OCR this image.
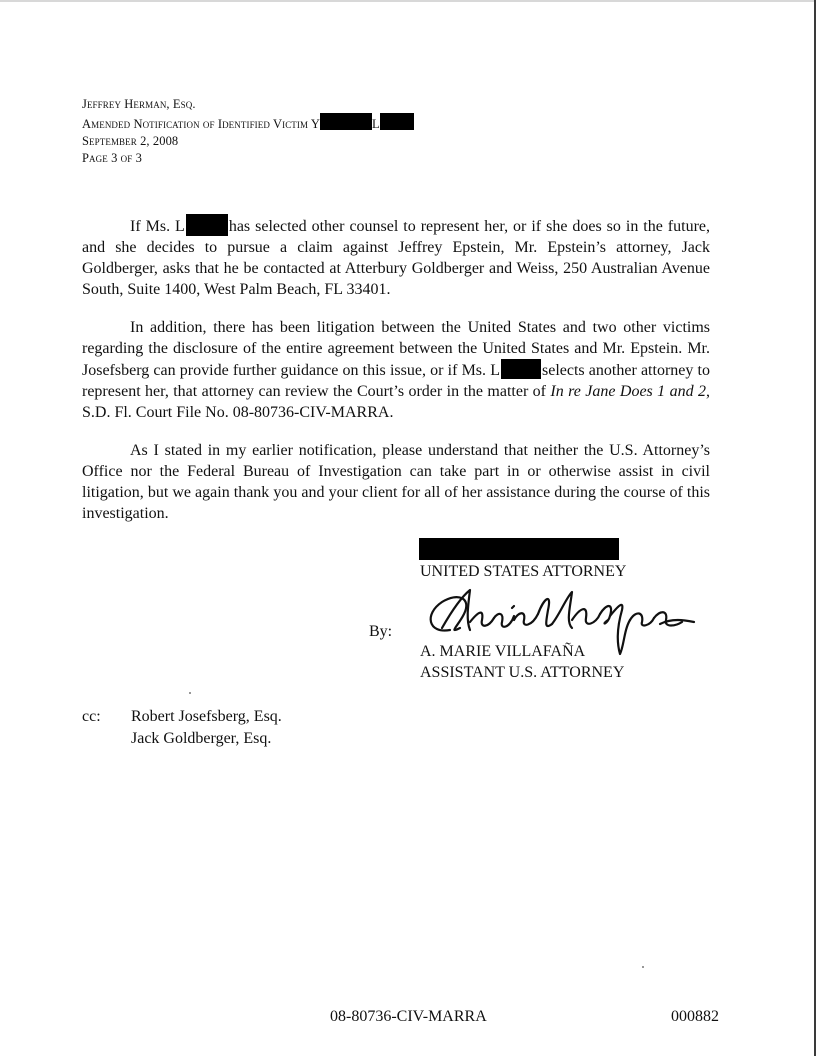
Jeffrey Herman, Esq.
Amended Notification of Identified Victim Y	L
September 2, 2008
Page 3 of 3
If Ms. L	has selected other counsel to represent her, or if she does so in the future, and she decides to pursue a claim against Jeffrey Epstein, Mr. Epstein’s attorney, Jack Goldberger, asks that he be contacted at Atterbury Goldberger and Weiss, 250 Australian Avenue South, Suite 1400, West Palm Beach, FL 33401.
In addition, there has been litigation between the United States and two other victims regarding the disclosure of the entire agreement between the United States and Mr. Epstein. Mr. Josefsberg can provide further guidance on this issue, or if Ms. L	selects another attorney to represent her, that attorney can review the Court’s order in the matter of In re Jane Does 1 and 2, S.D. Fl. Court File No. 08-80736-CIV-MARRA.
As I stated in my earlier notification, please understand that neither the U.S. Attorney’s Office nor the Federal Bureau of Investigation can take part in or otherwise assist in civil litigation, but we again thank you and your client for all of her assistance during the course of this investigation.
UNITED STATES ATTORNEY
By:
A. MARIE VILLAFAÑA
ASSISTANT U.S. ATTORNEY
cc: Robert Josefsberg, Esq.
Jack Goldberger, Esq.
08-80736-CIV-MARRA	000882
